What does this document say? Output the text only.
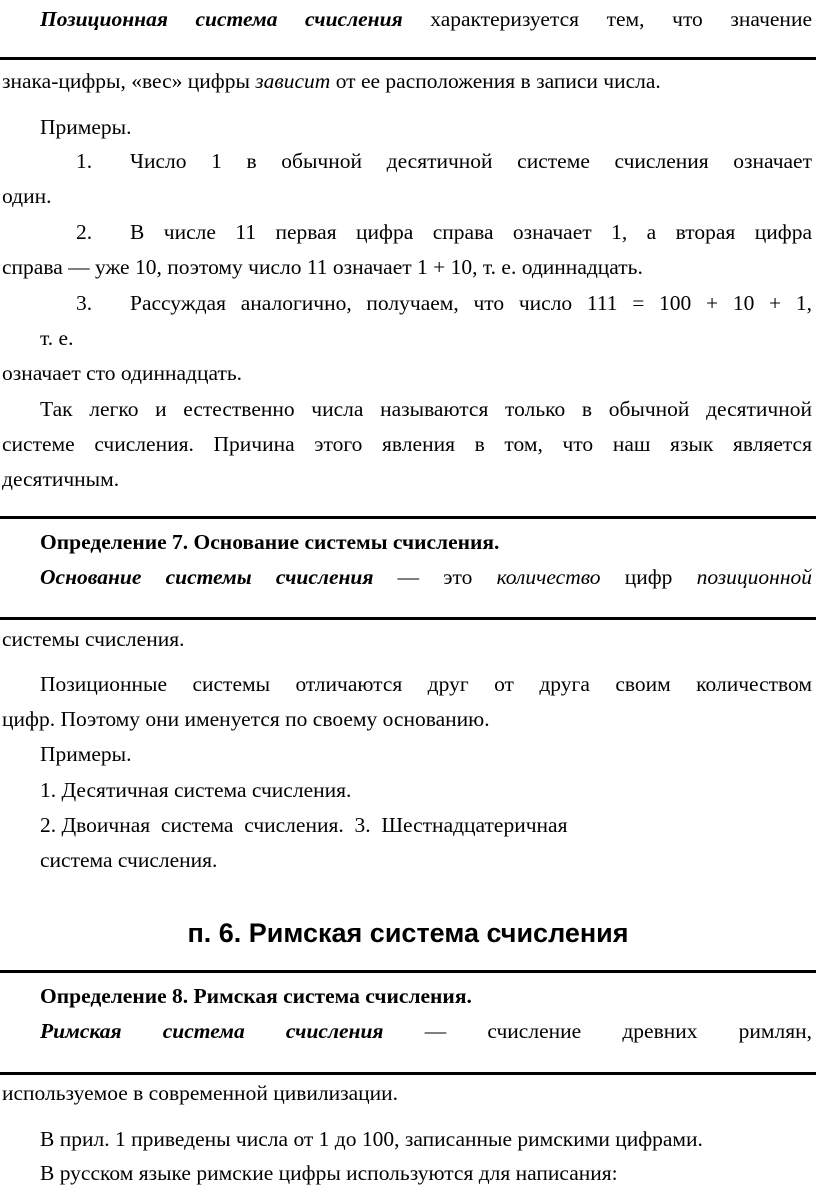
Позиционная система счисления характеризуется тем, что значение
знака-цифры, «вес» цифры зависит от ее расположения в записи числа.
Примеры.
1. Число 1 в обычной десятичной системе счисления означает
один.
2. В числе 11 первая цифра справа означает 1, а вторая цифра
справа — уже 10, поэтому число 11 означает 1 + 10, т. е. одиннадцать.
3. Рассуждая аналогично, получаем, что число 111 = 100 + 10 + 1,
т. е.
означает сто одиннадцать.
Так легко и естественно числа называются только в обычной десятичной
системе счисления. Причина этого явления в том, что наш язык является
десятичным.
Определение 7. Основание системы счисления.
Основание системы счисления — это количество цифр позиционной
системы счисления.
Позиционные системы отличаются друг от друга своим количеством
цифр. Поэтому они именуется по своему основанию.
Примеры.
1. Десятичная система счисления.
2. Двоичная  система  счисления.  3.  Шестнадцатеричная
система счисления.
п. 6. Римская система счисления
Определение 8. Римская система счисления.
Римская система счисления — счисление древних римлян,
используемое в современной цивилизации.
В прил. 1 приведены числа от 1 до 100, записанные римскими цифрами.
В русском языке римские цифры используются для написания:
